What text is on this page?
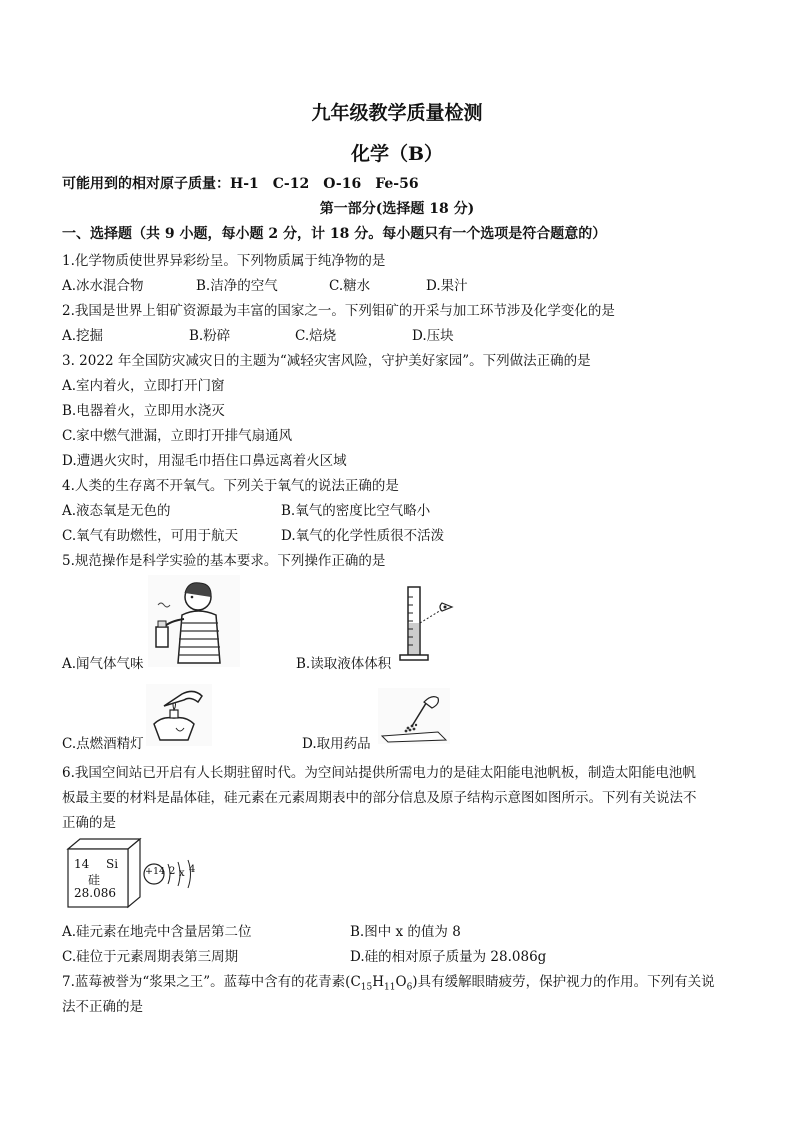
九年级教学质量检测
化学（B）
可能用到的相对原子质量：H-1　C-12　O-16　Fe-56
第一部分(选择题 18 分)
一、选择题（共 9 小题，每小题 2 分，计 18 分。每小题只有一个选项是符合题意的）
1.化学物质使世界异彩纷呈。下列物质属于纯净物的是
A.冰水混合物	B.洁净的空气	C.糖水	D.果汁
2.我国是世界上钼矿资源最为丰富的国家之一。下列钼矿的开采与加工环节涉及化学变化的是
A.挖掘	B.粉碎	C.焙烧	D.压块
3. 2022 年全国防灾减灾日的主题为“减轻灾害风险，守护美好家园”。下列做法正确的是
A.室内着火，立即打开门窗
B.电器着火，立即用水浇灭
C.家中燃气泄漏，立即打开排气扇通风
D.遭遇火灾时，用湿毛巾捂住口鼻远离着火区域
4.人类的生存离不开氧气。下列关于氧气的说法正确的是
A.液态氧是无色的	B.氧气的密度比空气略小
C.氧气有助燃性，可用于航天	D.氧气的化学性质很不活泼
5.规范操作是科学实验的基本要求。下列操作正确的是
A.闻气体气味	B.读取液体体积
C.点燃酒精灯	D.取用药品
6.我国空间站已开启有人长期驻留时代。为空间站提供所需电力的是硅太阳能电池帆板，制造太阳能电池帆
板最主要的材料是晶体硅，硅元素在元素周期表中的部分信息及原子结构示意图如图所示。下列有关说法不
正确的是
14 Si
硅
28.086
+14 2 x 4
A.硅元素在地壳中含量居第二位	B.图中 x 的值为 8
C.硅位于元素周期表第三周期	D.硅的相对原子质量为 28.086g
7.蓝莓被誉为“浆果之王”。蓝莓中含有的花青素$(C_{15}H_{11}O_6)$具有缓解眼睛疲劳，保护视力的作用。下列有关说
法不正确的是
